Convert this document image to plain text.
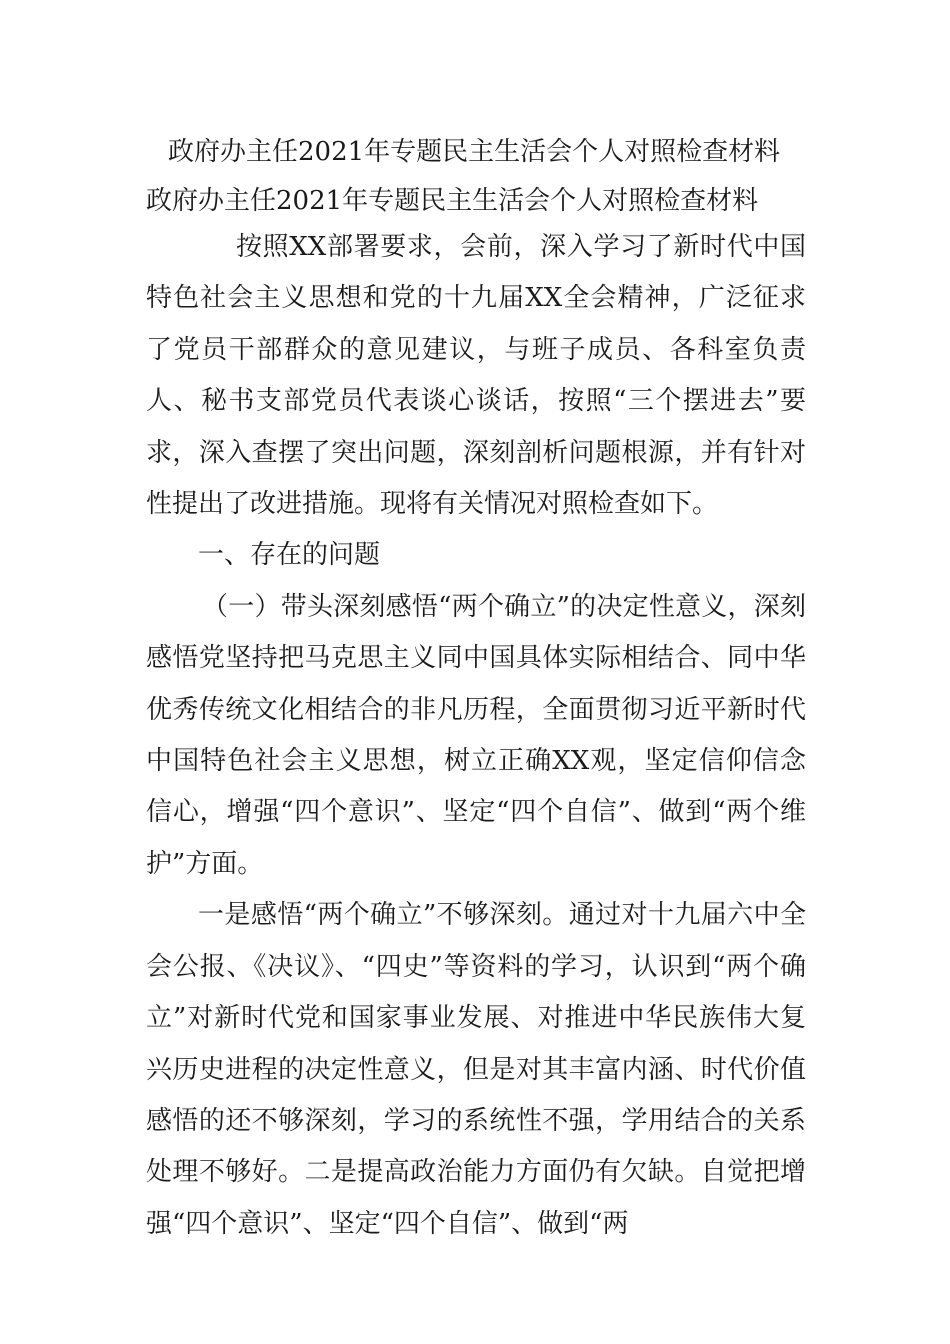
政府办主任2021年专题民主生活会个人对照检查材料
政府办主任2021年专题民主生活会个人对照检查材料

按照XX部署要求，会前，深入学习了新时代中国特色社会主义思想和党的十九届XX全会精神，广泛征求了党员干部群众的意见建议，与班子成员、各科室负责人、秘书支部党员代表谈心谈话，按照“三个摆进去”要求，深入查摆了突出问题，深刻剖析问题根源，并有针对性提出了改进措施。现将有关情况对照检查如下。

一、存在的问题

（一）带头深刻感悟“两个确立”的决定性意义，深刻感悟党坚持把马克思主义同中国具体实际相结合、同中华优秀传统文化相结合的非凡历程，全面贯彻习近平新时代中国特色社会主义思想，树立正确XX观，坚定信仰信念信心，增强“四个意识”、坚定“四个自信”、做到“两个维护”方面。

一是感悟“两个确立”不够深刻。通过对十九届六中全会公报、《决议》、“四史”等资料的学习，认识到“两个确立”对新时代党和国家事业发展、对推进中华民族伟大复兴历史进程的决定性意义，但是对其丰富内涵、时代价值感悟的还不够深刻，学习的系统性不强，学用结合的关系处理不够好。二是提高政治能力方面仍有欠缺。自觉把增强“四个意识”、坚定“四个自信”、做到“两
